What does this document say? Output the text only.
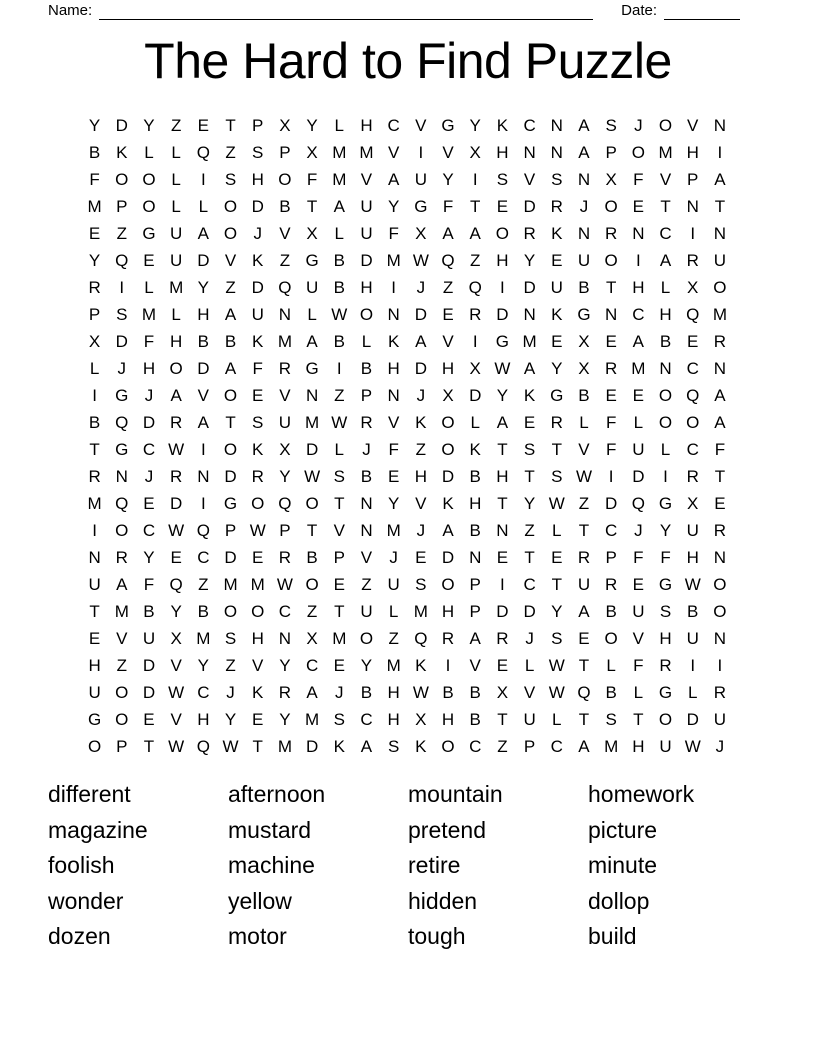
Name:	Date:
The Hard to Find Puzzle
Y D Y Z E T P X Y L H C V G Y K C N A S	J O V N
B K L	L Q Z S P X M M V	I	V X H N N A P O M H	I
F O O L	I	S H O F M V A U Y	I	S V S N X F V P A
M P O L	L O D B T A U Y G F T E D R J O E T N T
E Z G U A O J	V X L U F X A A O R K N R N C	I	N
Y Q E U D V K Z G B D M W Q Z H Y E U O	I	A R U
R	I	L M Y Z D Q U B H	I	J	Z Q	I	D U B T H L X O
P S M L H A U N L W O N D E R D N K G N C H Q M
X D F H B B K M A B L K A V	I	G M E X E A B E R
L	J H O D A F R G	I	B H D H X W A Y X R M N C N
I	G J	A V O E V N Z P N J	X D Y K G B E E O Q A
B Q D R A T S U M W R V K O L A E R L	F	L O O A
T G C W I	O K X D L	J	F Z O K T S T V F U L C F
R N J R N D R Y W S B E H D B H T S W I	D	I	R T
M Q E D	I	G O Q O T N Y V K H T Y W Z D Q G X E
I	O C W Q P W P T V N M J	A B N Z	L	T C J	Y U R
N R Y E C D E R B P V	J	E D N E T E R P F F H N
U A F Q Z M M W O E Z U S O P	I	C T U R E G W O
T M B Y B O O C Z T U L M H P D D Y A B U S B O
E V U X M S H N X M O Z Q R A R J	S E O V H U N
H Z D V Y Z V Y C E Y M K	I	V E L W T	L	F R	I	I
U O D W C J	K R A	J	B H W B B X V W Q B L G L R
G O E V H Y E Y M S C H X H B T U L	T S T O D U
O P T W Q W T M D K A S K O C Z P C A M H U W J
different
magazine
foolish
wonder
dozen
afternoon
mustard
machine
yellow
motor
mountain
pretend
retire
hidden
tough
homework
picture
minute
dollop
build
